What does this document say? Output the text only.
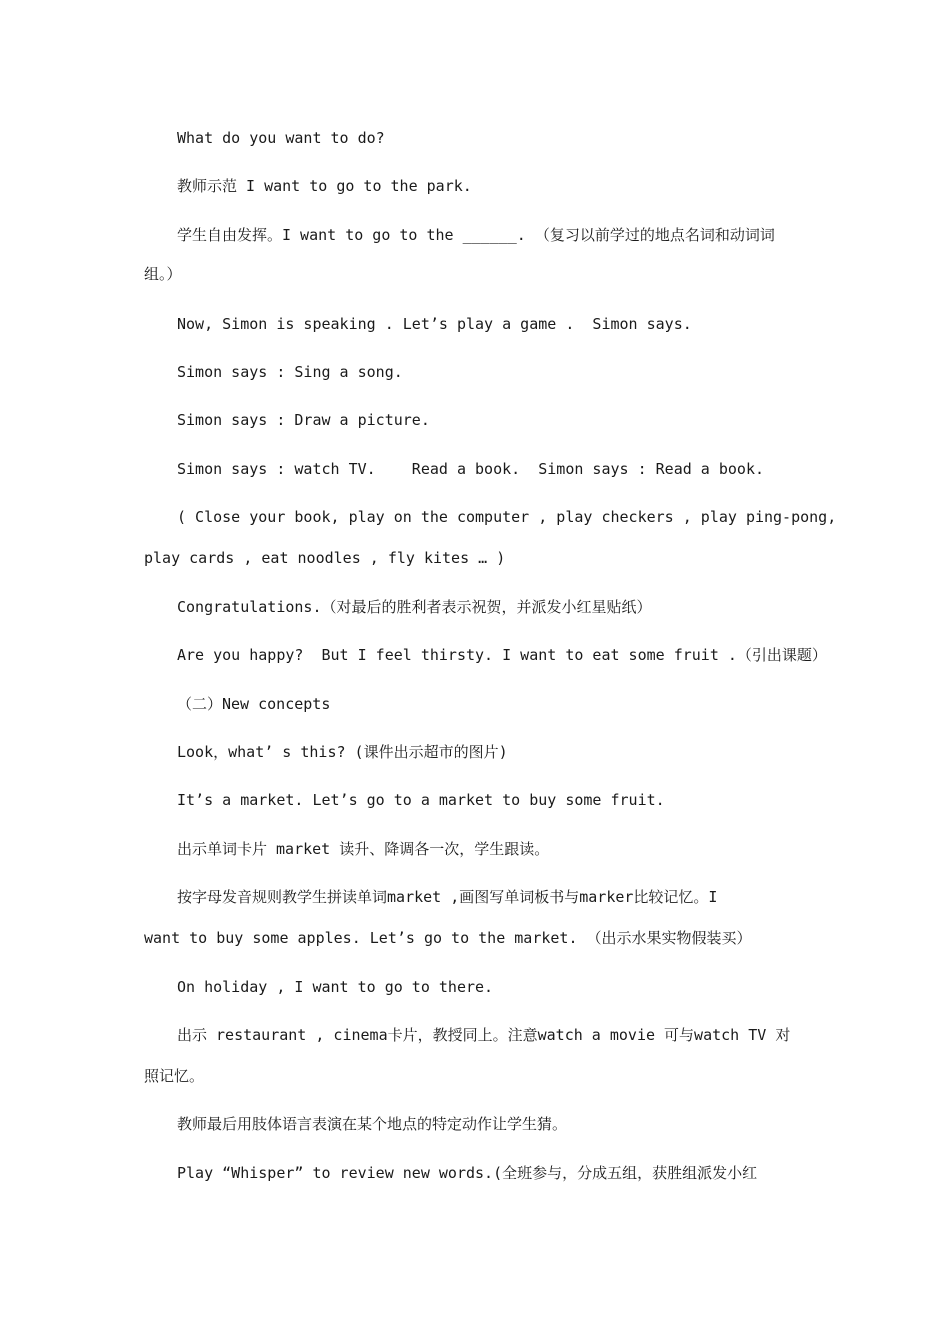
What do you want to do?
教师示范 I want to go to the park.
学生自由发挥。I want to go to the ______. （复习以前学过的地点名词和动词词
组。）
Now, Simon is speaking . Let’s play a game .  Simon says.
Simon says : Sing a song.
Simon says : Draw a picture.
Simon says : watch TV.    Read a book.  Simon says : Read a book.
( Close your book, play on the computer , play checkers , play ping-pong,
play cards , eat noodles , fly kites … )
Congratulations.（对最后的胜利者表示祝贺，并派发小红星贴纸）
Are you happy?  But I feel thirsty. I want to eat some fruit .（引出课题）
（二）New concepts
Look，what’ s this? (课件出示超市的图片)
It’s a market. Let’s go to a market to buy some fruit.
出示单词卡片 market 读升、降调各一次，学生跟读。
按字母发音规则教学生拼读单词market ,画图写单词板书与marker比较记忆。I
want to buy some apples. Let’s go to the market. （出示水果实物假装买）
On holiday , I want to go to there.
出示 restaurant , cinema卡片，教授同上。注意watch a movie 可与watch TV 对
照记忆。
教师最后用肢体语言表演在某个地点的特定动作让学生猜。
Play “Whisper” to review new words.(全班参与，分成五组，获胜组派发小红
